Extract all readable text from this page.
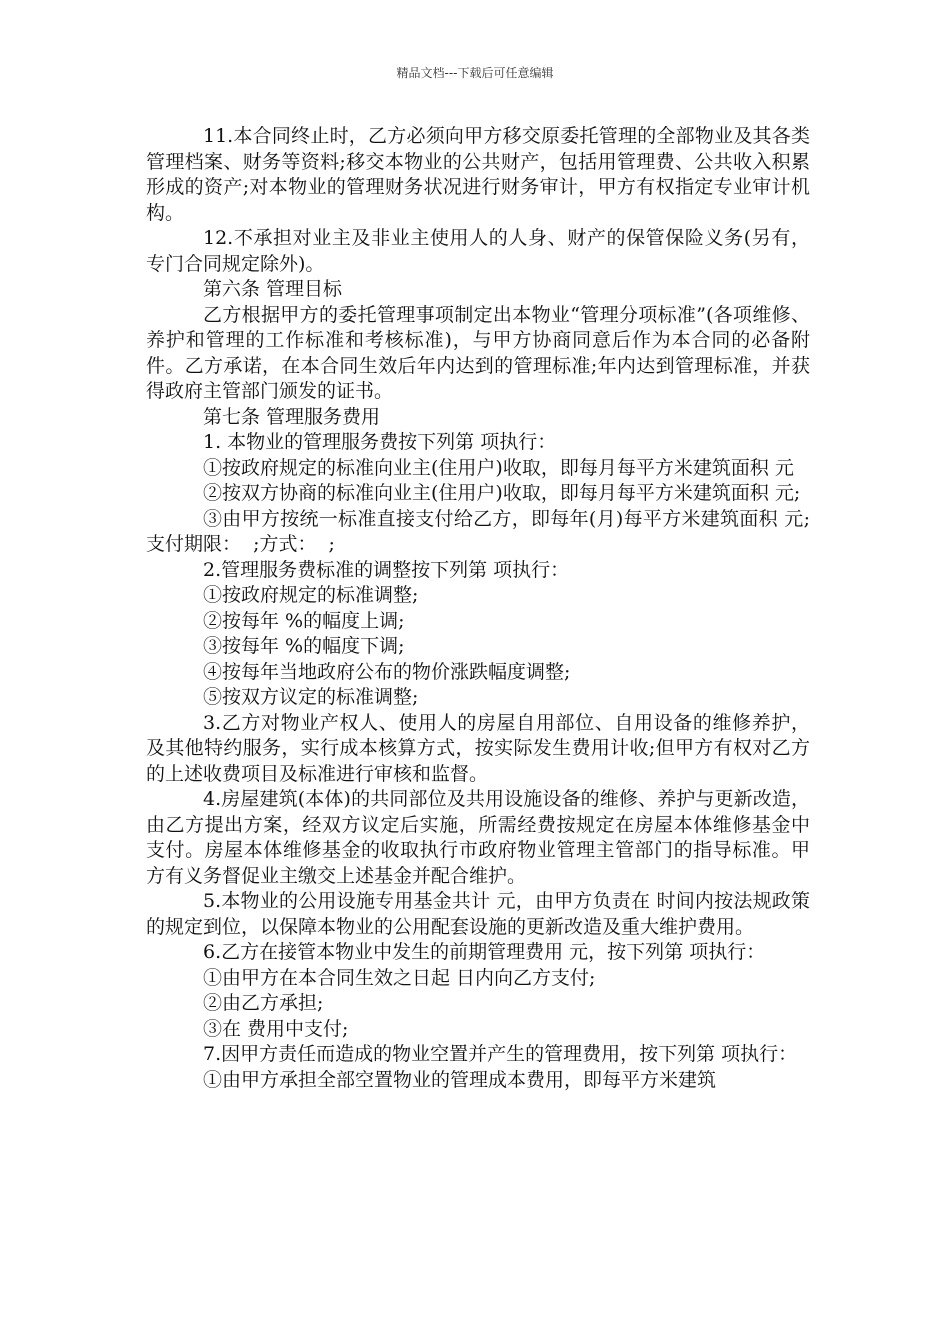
精品文档---下载后可任意编辑

11.本合同终止时，乙方必须向甲方移交原委托管理的全部物业及其各类管理档案、财务等资料;移交本物业的公共财产，包括用管理费、公共收入积累形成的资产;对本物业的管理财务状况进行财务审计，甲方有权指定专业审计机构。

12.不承担对业主及非业主使用人的人身、财产的保管保险义务(另有，专门合同规定除外)。

第六条 管理目标

乙方根据甲方的委托管理事项制定出本物业“管理分项标准”(各项维修、养护和管理的工作标准和考核标准)，与甲方协商同意后作为本合同的必备附件。乙方承诺，在本合同生效后年内达到的管理标准;年内达到管理标准，并获得政府主管部门颁发的证书。

第七条 管理服务费用

1. 本物业的管理服务费按下列第 项执行：

①按政府规定的标准向业主(住用户)收取，即每月每平方米建筑面积 元

②按双方协商的标准向业主(住用户)收取，即每月每平方米建筑面积 元;

③由甲方按统一标准直接支付给乙方，即每年(月)每平方米建筑面积 元;支付期限：  ;方式：  ;

2.管理服务费标准的调整按下列第 项执行：

①按政府规定的标准调整;

②按每年 %的幅度上调;

③按每年 %的幅度下调;

④按每年当地政府公布的物价涨跌幅度调整;

⑤按双方议定的标准调整;

3.乙方对物业产权人、使用人的房屋自用部位、自用设备的维修养护，及其他特约服务，实行成本核算方式，按实际发生费用计收;但甲方有权对乙方的上述收费项目及标准进行审核和监督。

4.房屋建筑(本体)的共同部位及共用设施设备的维修、养护与更新改造，由乙方提出方案，经双方议定后实施，所需经费按规定在房屋本体维修基金中支付。房屋本体维修基金的收取执行市政府物业管理主管部门的指导标准。甲方有义务督促业主缴交上述基金并配合维护。

5.本物业的公用设施专用基金共计 元，由甲方负责在 时间内按法规政策的规定到位，以保障本物业的公用配套设施的更新改造及重大维护费用。

6.乙方在接管本物业中发生的前期管理费用 元，按下列第 项执行：

①由甲方在本合同生效之日起 日内向乙方支付;

②由乙方承担;

③在 费用中支付;

7.因甲方责任而造成的物业空置并产生的管理费用，按下列第 项执行：

①由甲方承担全部空置物业的管理成本费用，即每平方米建筑
